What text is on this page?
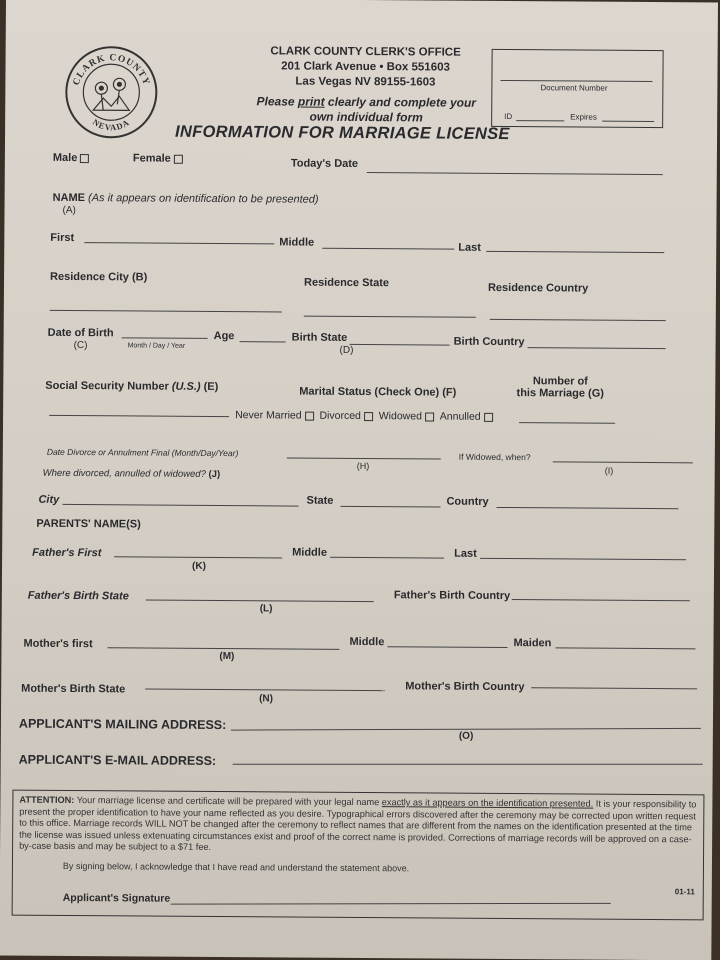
CLARK COUNTY
NEVADA
CLARK COUNTY CLERK'S OFFICE
201 Clark Avenue • Box 551603
Las Vegas NV 89155-1603
Please print clearly and complete your
own individual form
INFORMATION FOR MARRIAGE LICENSE
Document Number
ID	Expires
Male	Female	Today's Date
NAME (As it appears on identification to be presented)
(A)
First	Middle	Last
Residence City (B)	Residence State	Residence Country
Date of Birth
(C)	Month / Day / Year
Age	Birth State
(D)
Birth Country
Social Security Number (U.S.) (E)	Marital Status (Check One) (F)
Number of
this Marriage (G)
Never Married Divorced Widowed Annulled
Date Divorce or Annulment Final (Month/Day/Year)
(H)
If Widowed, when?
(I)
Where divorced, annulled of widowed? (J)
City	State	Country
PARENTS' NAME(S)
Father's First
(K)
Middle	Last
Father's Birth State
(L)
Father's Birth Country
Mother's first
(M)
Middle	Maiden
Mother's Birth State
(N)
Mother's Birth Country
APPLICANT'S MAILING ADDRESS:
(O)
APPLICANT'S E-MAIL ADDRESS:
ATTENTION: Your marriage license and certificate will be prepared with your legal name exactly as it appears on the identification presented. It is your responsibility to present the proper identification to have your name reflected as you desire. Typographical errors discovered after the ceremony may be corrected upon written request to this office. Marriage records WILL NOT be changed after the ceremony to reflect names that are different from the names on the identification presented at the time the license was issued unless extenuating circumstances exist and proof of the correct name is provided. Corrections of marriage records will be approved on a case-by-case basis and may be subject to a $71 fee.
By signing below, I acknowledge that I have read and understand the statement above.
Applicant's Signature
01-11
